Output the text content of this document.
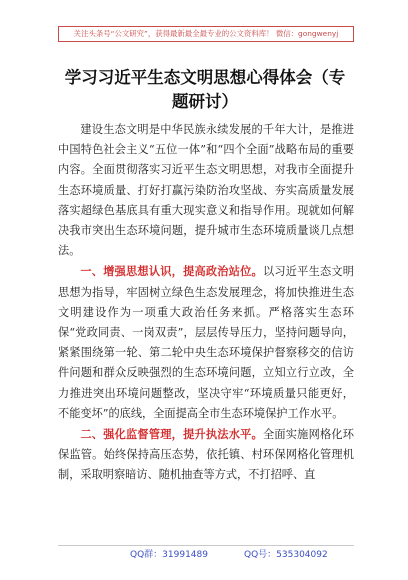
关注头条号“公文研究”，获得最新最全最专业的公文资料库！ 微信：gongwenyj
学习习近平生态文明思想心得体会（专题研讨）

建设生态文明是中华民族永续发展的千年大计，是推进中国特色社会主义“五位一体”和“四个全面”战略布局的重要内容。全面贯彻落实习近平生态文明思想，对我市全面提升生态环境质量、打好打赢污染防治攻坚战、夯实高质量发展落实超绿色基底具有重大现实意义和指导作用。现就如何解决我市突出生态环境问题，提升城市生态环境质量谈几点想法。

一、增强思想认识，提高政治站位。以习近平生态文明思想为指导，牢固树立绿色生态发展理念，将加快推进生态文明建设作为一项重大政治任务来抓。严格落实生态环保“党政同责、一岗双责”，层层传导压力，坚持问题导向，紧紧围绕第一轮、第二轮中央生态环境保护督察移交的信访件问题和群众反映强烈的生态环境问题，立知立行立改，全力推进突出环境问题整改，坚决守牢“环境质量只能更好，不能变坏”的底线，全面提高全市生态环境保护工作水平。

二、强化监督管理，提升执法水平。全面实施网格化环保监管。始终保持高压态势，依托镇、村环保网格化管理机制，采取明察暗访、随机抽查等方式，不打招呼、直

QQ群：31991489	QQ号：535304092
